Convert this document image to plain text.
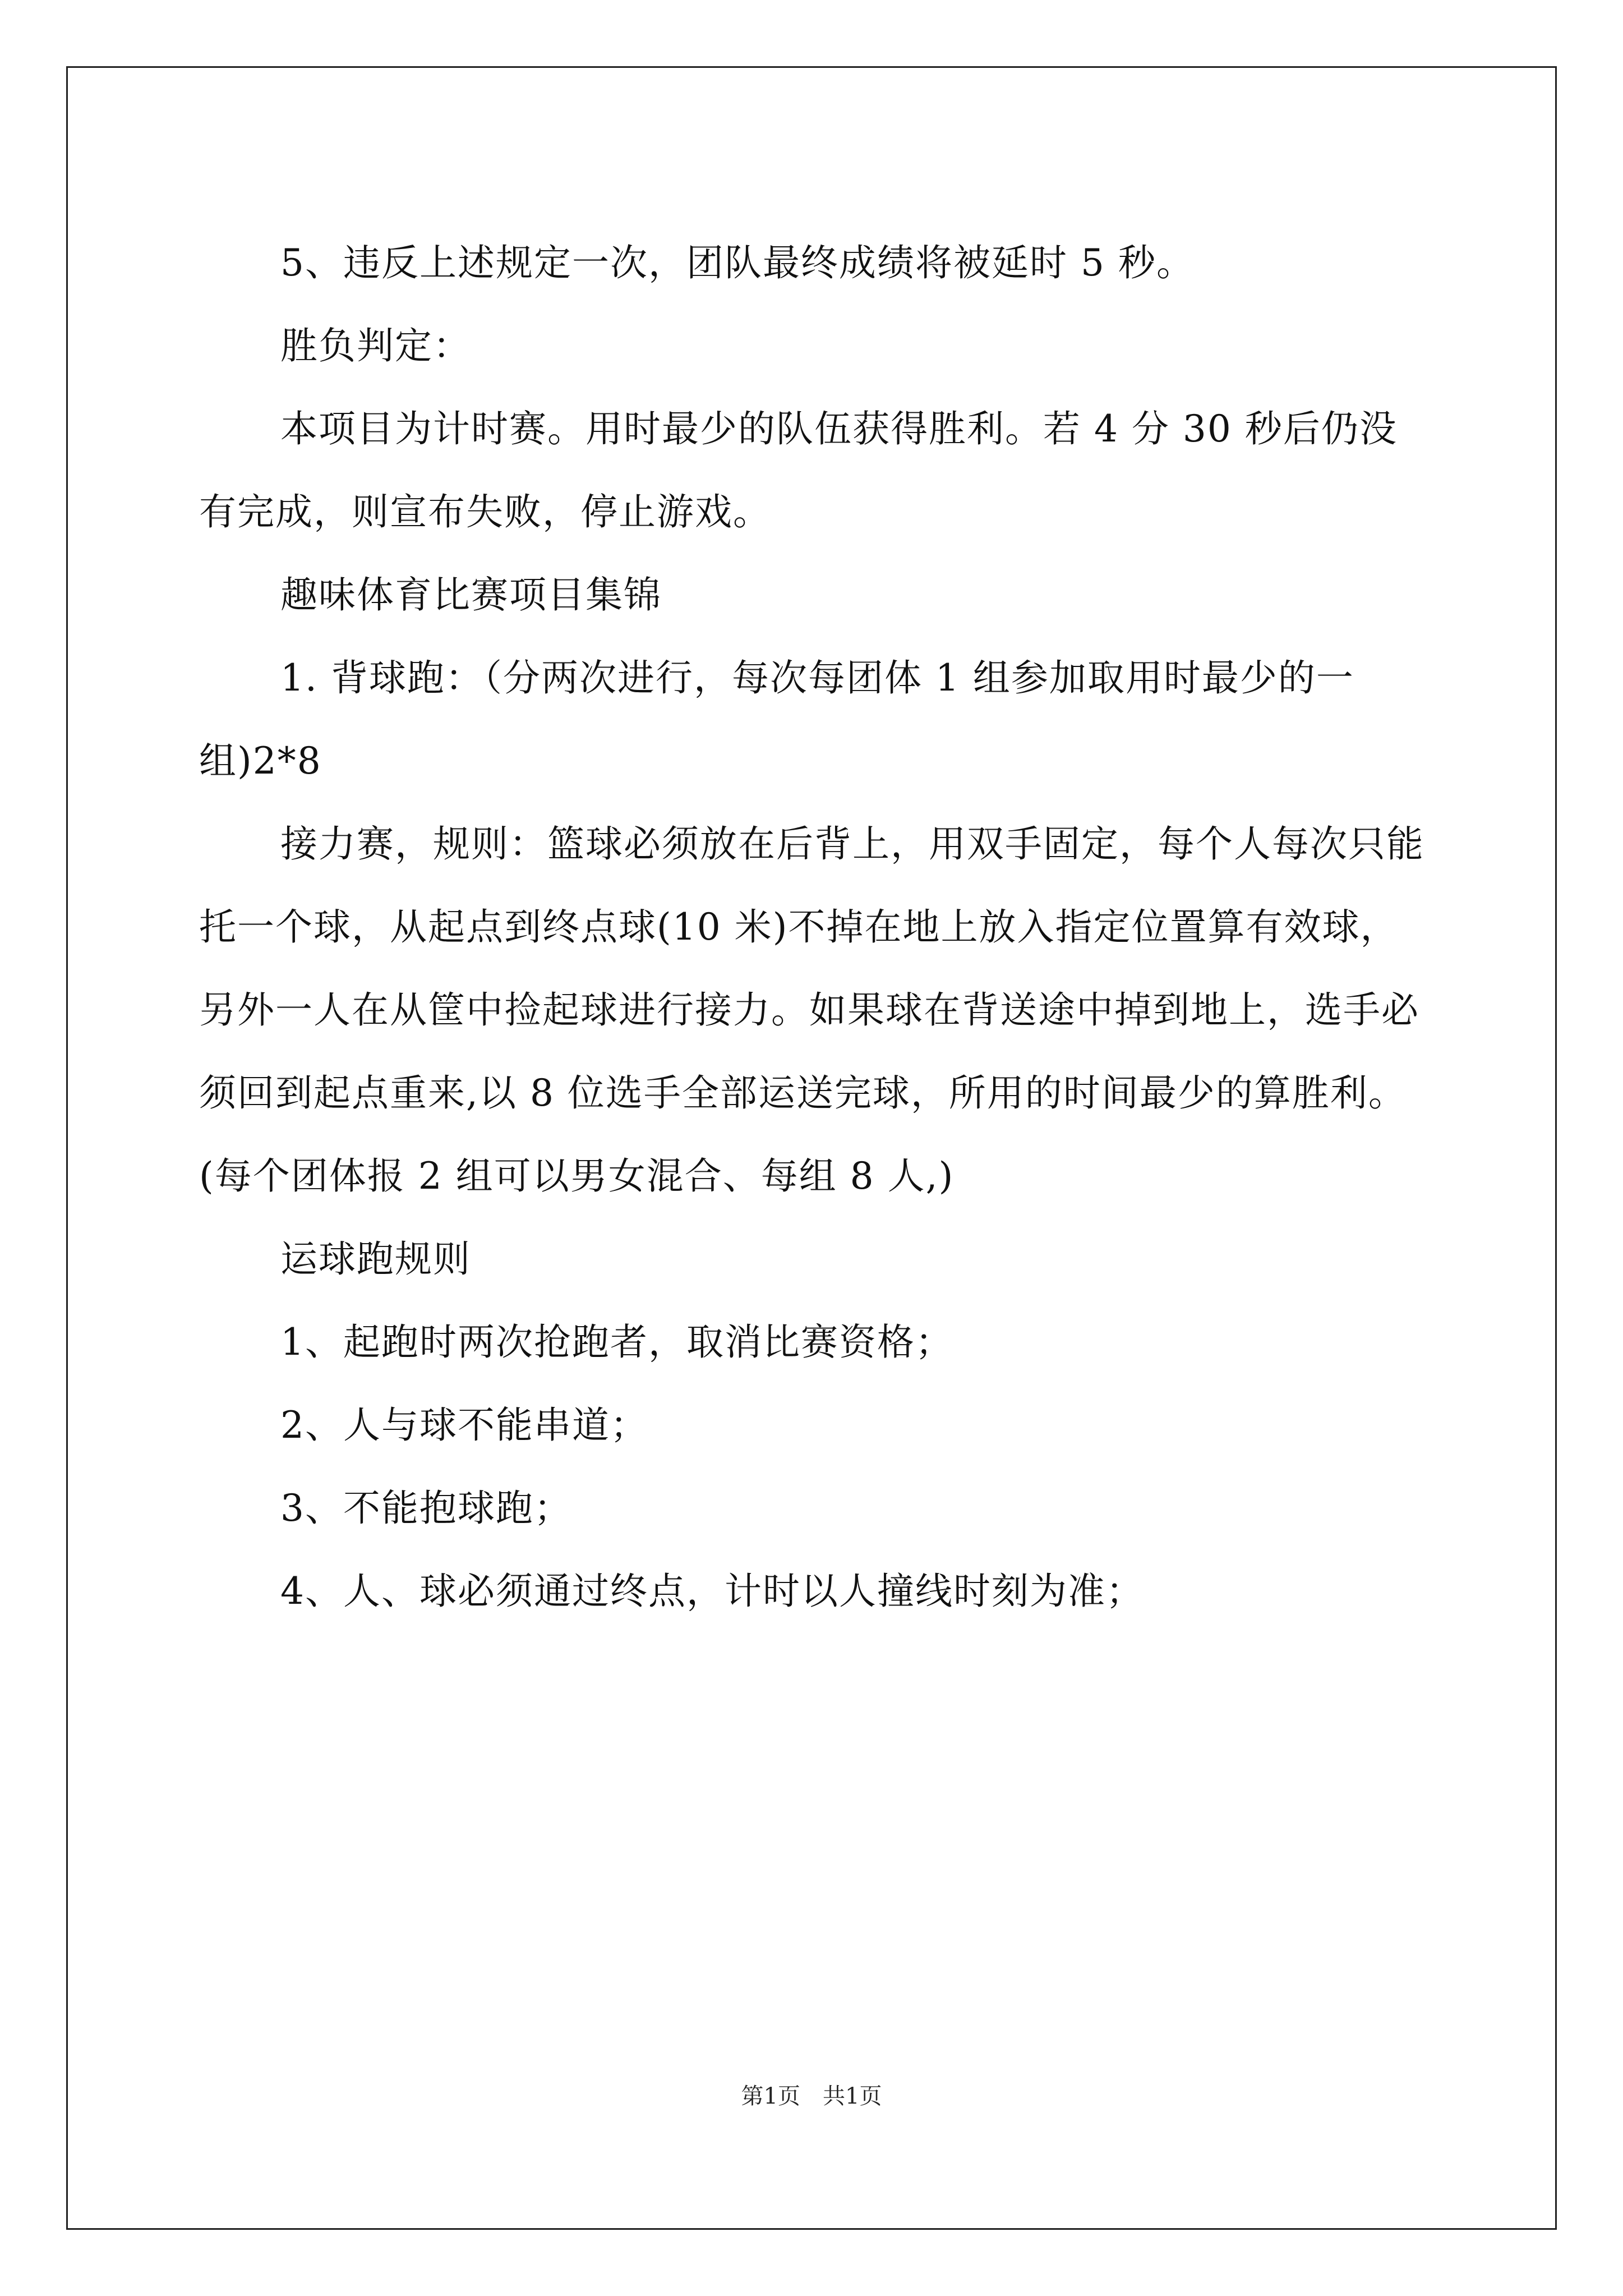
5、违反上述规定一次，团队最终成绩将被延时 5 秒。

胜负判定：

本项目为计时赛。用时最少的队伍获得胜利。若 4 分 30 秒后仍没有完成，则宣布失败，停止游戏。

趣味体育比赛项目集锦

1. 背球跑：（分两次进行，每次每团体 1 组参加取用时最少的一组)2*8

接力赛，规则：篮球必须放在后背上，用双手固定，每个人每次只能托一个球，从起点到终点球(10 米)不掉在地上放入指定位置算有效球，另外一人在从筐中捡起球进行接力。如果球在背送途中掉到地上，选手必须回到起点重来,以 8 位选手全部运送完球，所用的时间最少的算胜利。(每个团体报 2 组可以男女混合、每组 8 人,)

运球跑规则

1、起跑时两次抢跑者，取消比赛资格；

2、人与球不能串道；

3、不能抱球跑；

4、人、球必须通过终点，计时以人撞线时刻为准；

第1页　共1页
